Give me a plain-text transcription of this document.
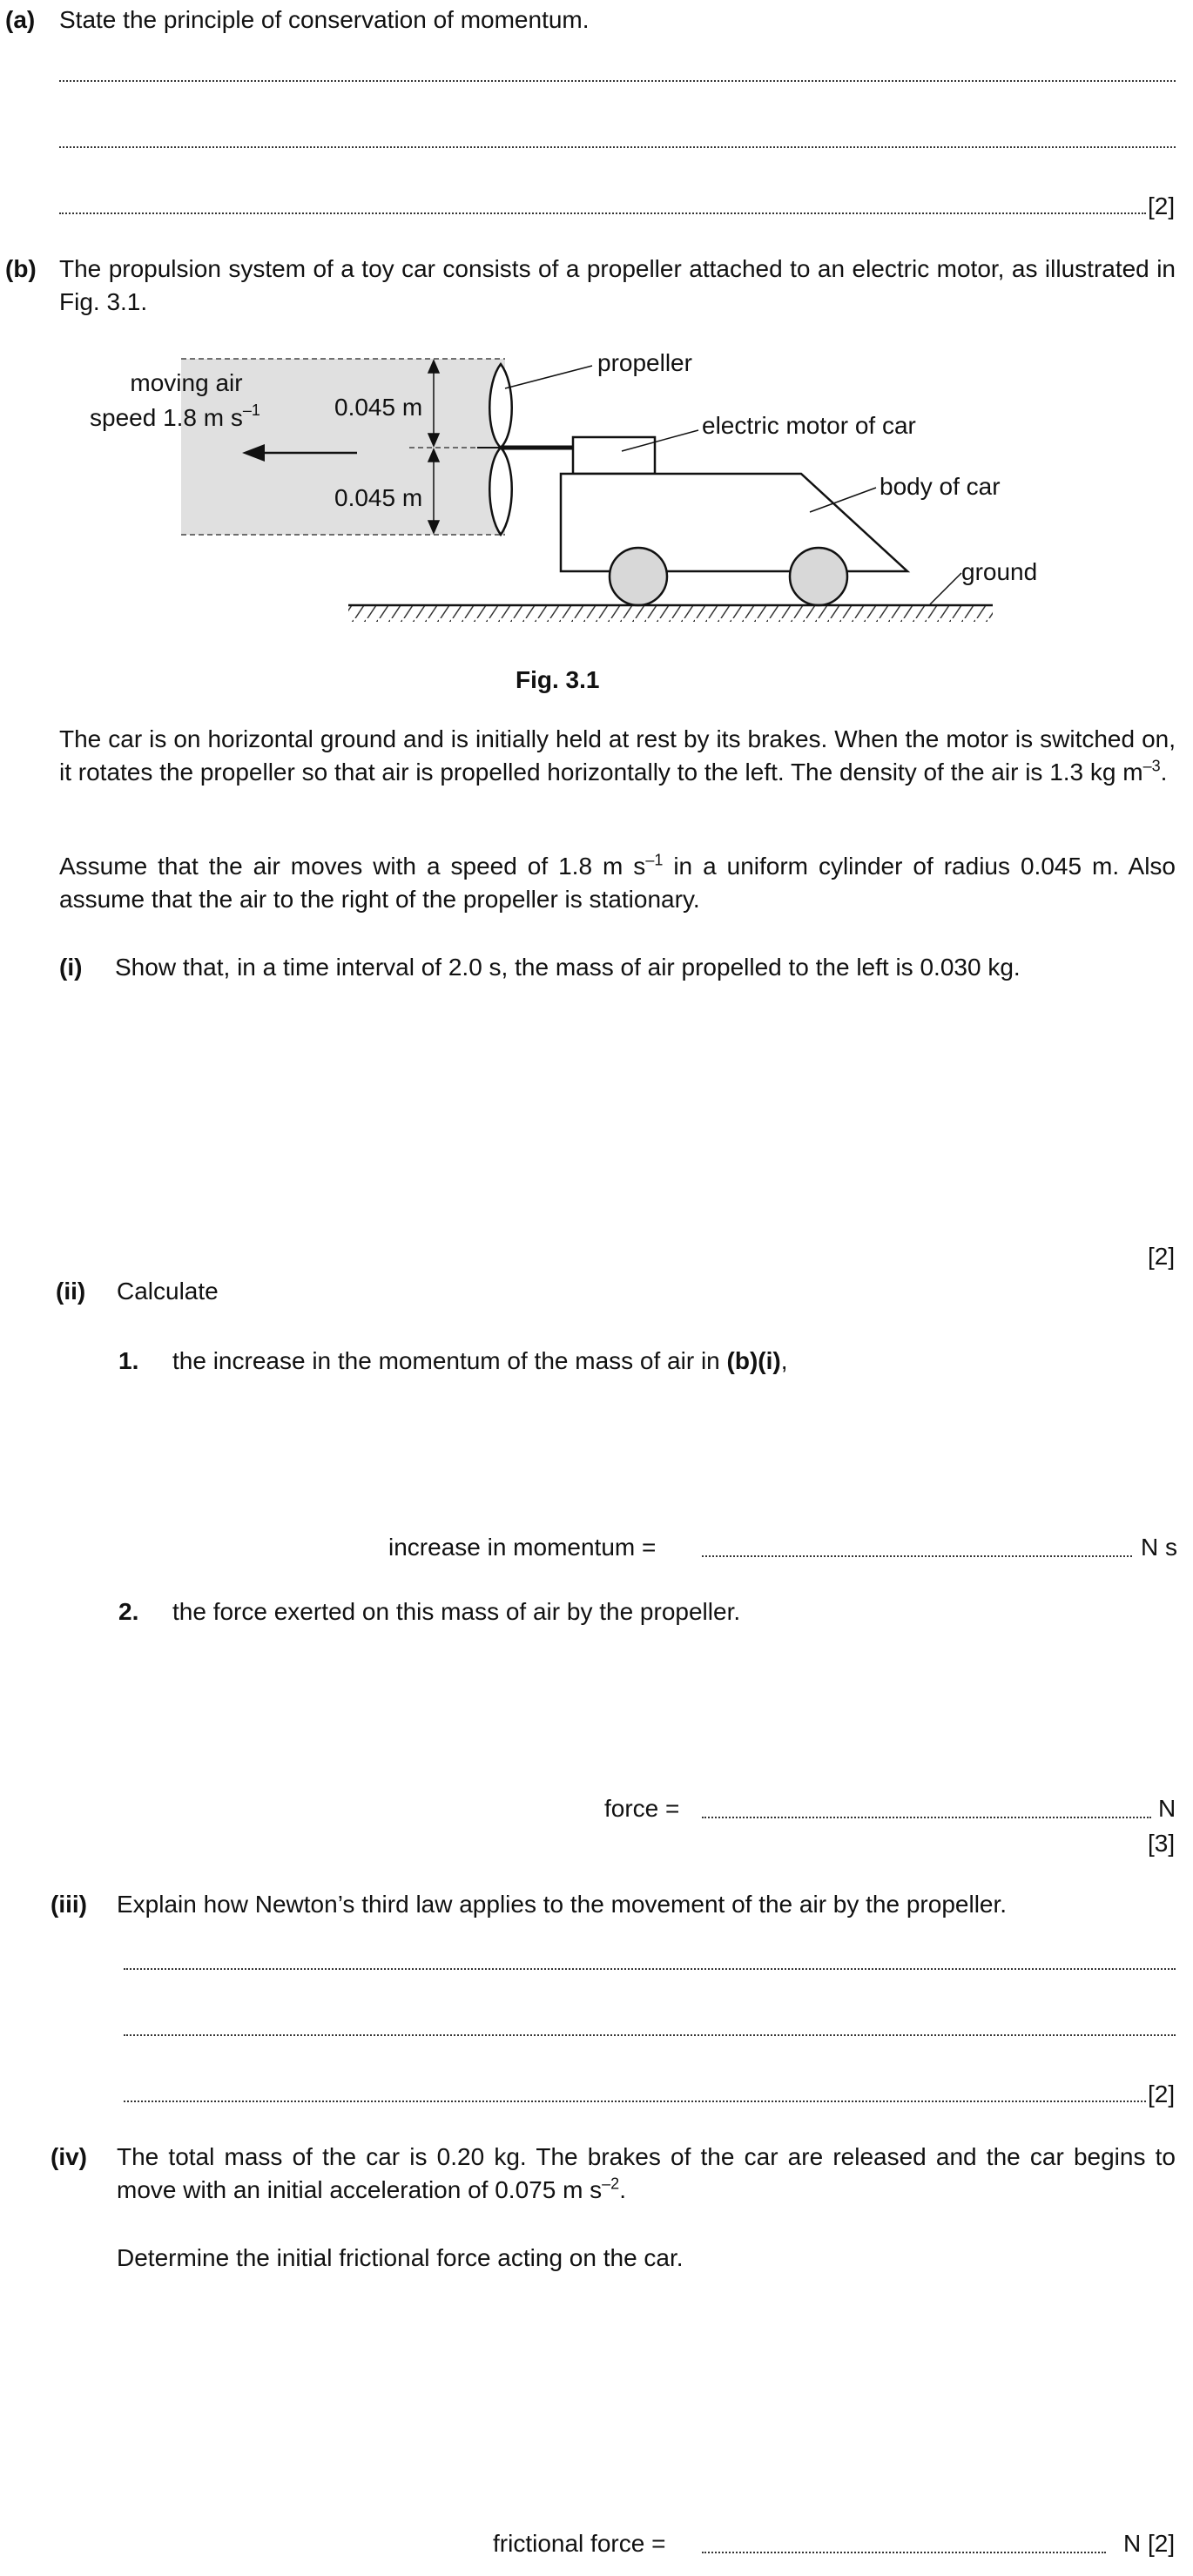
(a) State the principle of conservation of momentum.
[2]
(b) The propulsion system of a toy car consists of a propeller attached to an electric motor, as illustrated in Fig. 3.1.
moving air
speed 1.8 m $s^{-1}$	0.045 m
0.045 m
propeller
electric motor of car
body of car
ground
Fig. 3.1
The car is on horizontal ground and is initially held at rest by its brakes. When the motor is switched on, it rotates the propeller so that air is propelled horizontally to the left. The density of the air is 1.3 kg $m^{-3}$.
Assume that the air moves with a speed of 1.8 m $s^{-1}$ in a uniform cylinder of radius 0.045 m. Also assume that the air to the right of the propeller is stationary.
(i) Show that, in a time interval of 2.0 s, the mass of air propelled to the left is 0.030 kg.
[2]
(ii) Calculate
1. the increase in the momentum of the mass of air in (b)(i),
increase in momentum =	N s
2. the force exerted on this mass of air by the propeller.
force =	N
[3]
(iii) Explain how Newton’s third law applies to the movement of the air by the propeller.
[2]
(iv) The total mass of the car is 0.20 kg. The brakes of the car are released and the car begins to move with an initial acceleration of 0.075 m $s^{-2}$.
Determine the initial frictional force acting on the car.
frictional force =	N [2]
